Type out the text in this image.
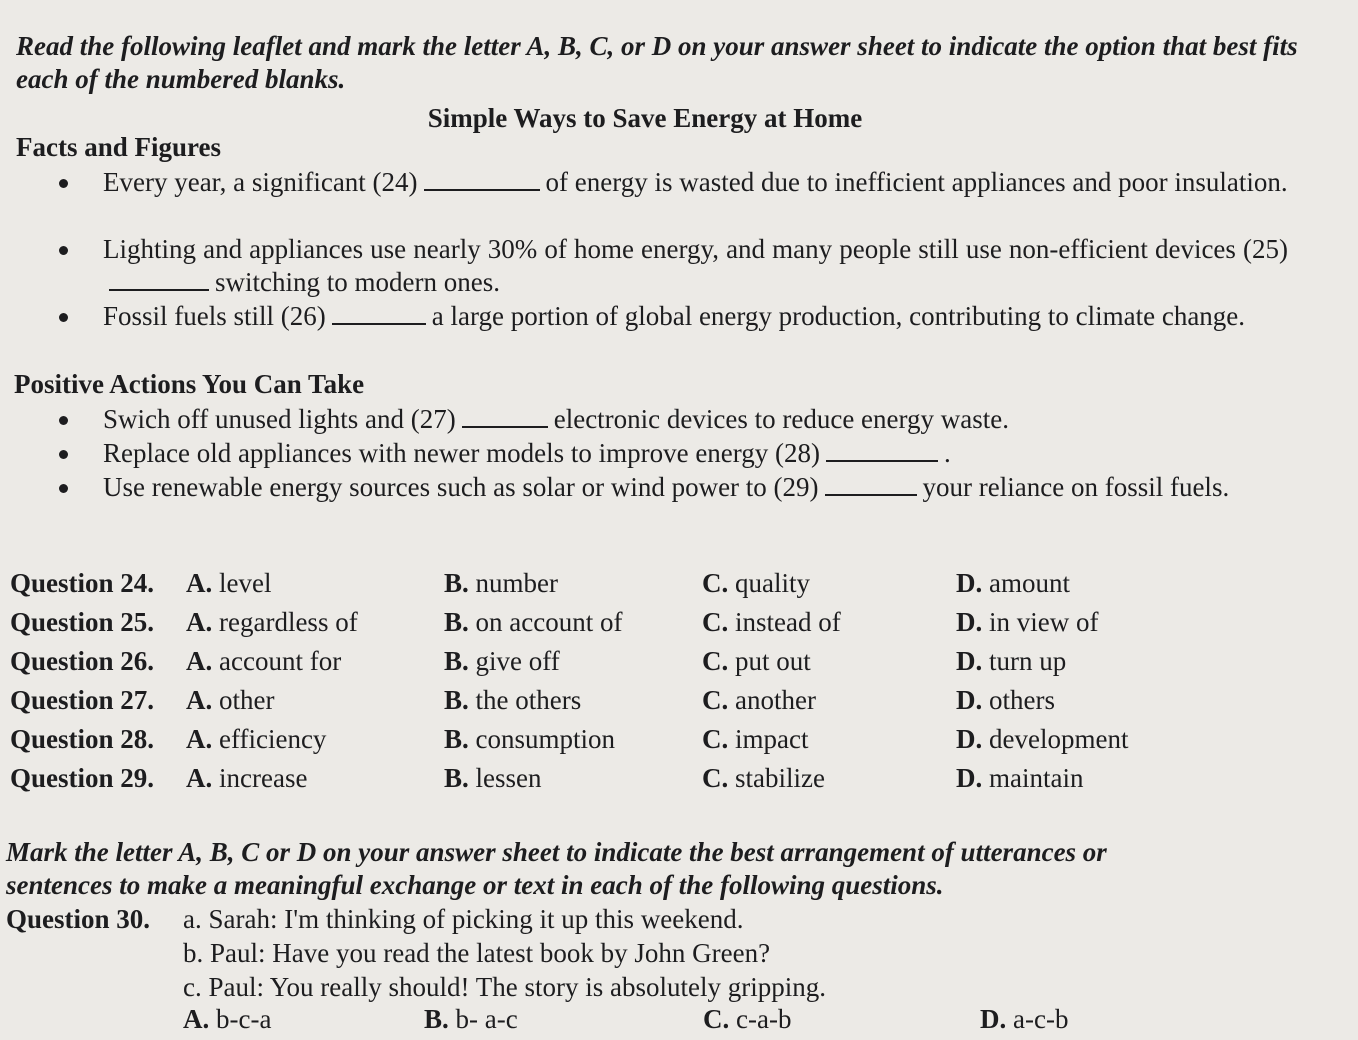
Read the following leaflet and mark the letter A, B, C, or D on your answer sheet to indicate the option that best fits each of the numbered blanks.
Simple Ways to Save Energy at Home
Facts and Figures
Every year, a significant (24)	of energy is wasted due to inefficient appliances and poor insulation.
Lighting and appliances use nearly 30% of home energy, and many people still use non-efficient devices (25)switching to modern ones.
Fossil fuels still (26)	a large portion of global energy production, contributing to climate change.
Positive Actions You Can Take
Swich off unused lights and (27)	electronic devices to reduce energy waste.
Replace old appliances with newer models to improve energy (28)	.
Use renewable energy sources such as solar or wind power to (29)	your reliance on fossil fuels.
Question 24. A. level	B. number	C. quality	D. amount
Question 25. A. regardless of	B. on account of	C. instead of	D. in view of
Question 26. A. account for	B. give off	C. put out	D. turn up
Question 27. A. other	B. the others	C. another	D. others
Question 28. A. efficiency	B. consumption	C. impact	D. development
Question 29. A. increase	B. lessen	C. stabilize	D. maintain
Mark the letter A, B, C or D on your answer sheet to indicate the best arrangement of utterances or sentences to make a meaningful exchange or text in each of the following questions.
Question 30. a. Sarah: I'm thinking of picking it up this weekend.
b. Paul: Have you read the latest book by John Green?
c. Paul: You really should! The story is absolutely gripping.
A. b-c-a	B. b- a-c	C. c-a-b	D. a-c-b
